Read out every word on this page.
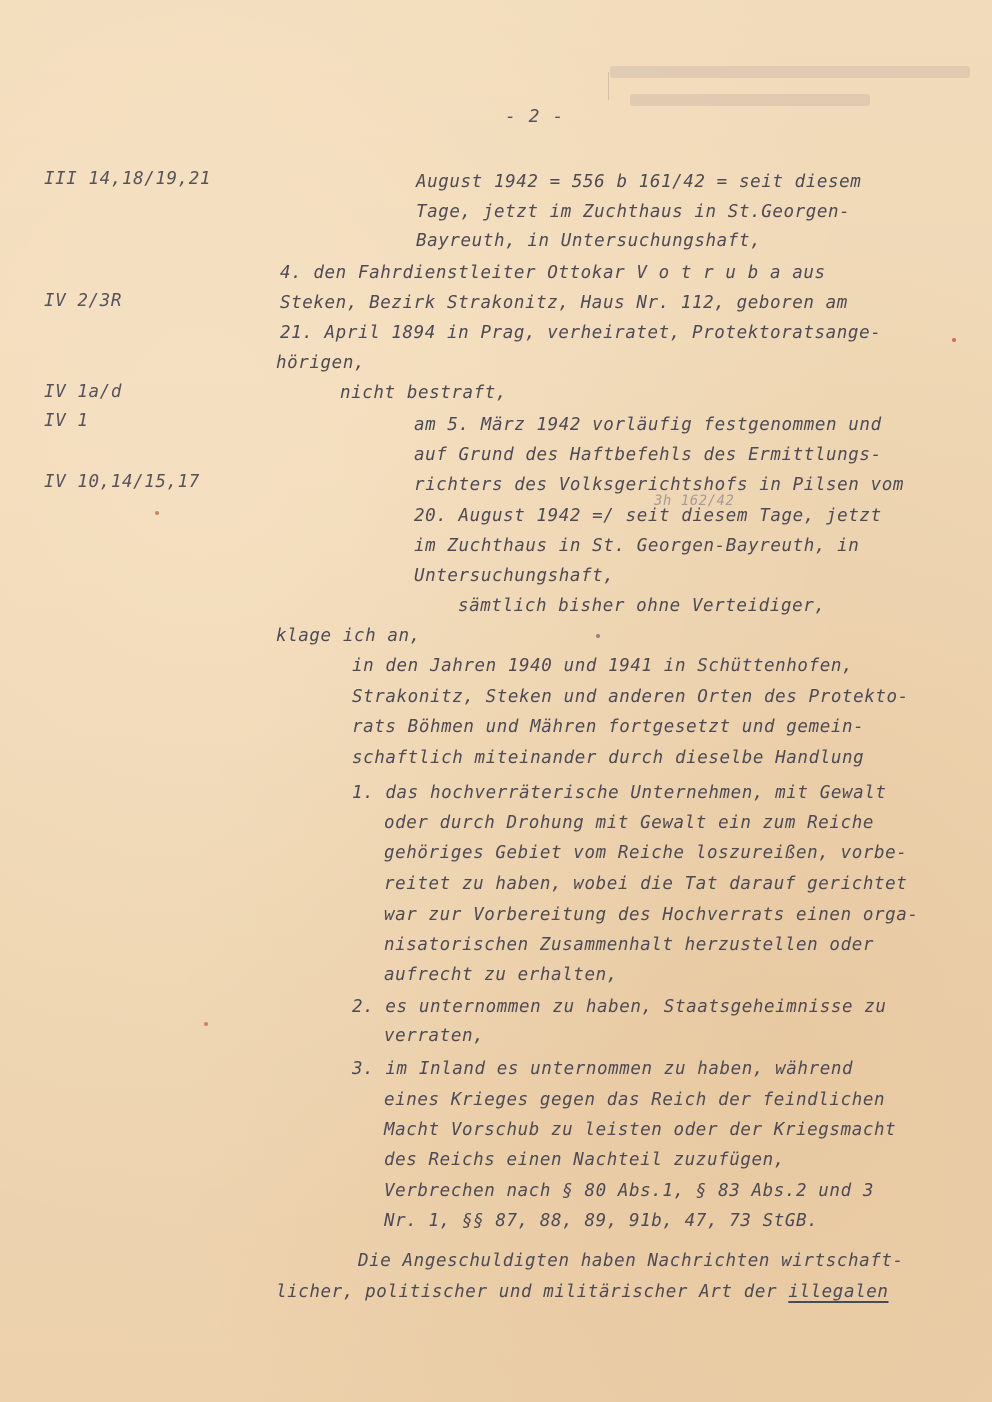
- 2 -
III 14,18/19,21
IV 2/3R
IV 1a/d
IV 1
IV 10,14/15,17
August 1942 = 556 b 161/42 = seit diesem
Tage, jetzt im Zuchthaus in St.Georgen-
Bayreuth, in Untersuchungshaft,
4. den Fahrdienstleiter Ottokar V o t r u b a aus
Steken, Bezirk Strakonitz, Haus Nr. 112, geboren am
21. April 1894 in Prag, verheiratet, Protektoratsange-
hörigen,
nicht bestraft,
am 5. März 1942 vorläufig festgenommen und
auf Grund des Haftbefehls des Ermittlungs-
richters des Volksgerichtshofs in Pilsen vom
3h 162/42
20. August 1942 =/ seit diesem Tage, jetzt
im Zuchthaus in St. Georgen-Bayreuth, in
Untersuchungshaft,
sämtlich bisher ohne Verteidiger,
klage ich an,
in den Jahren 1940 und 1941 in Schüttenhofen,
Strakonitz, Steken und anderen Orten des Protekto-
rats Böhmen und Mähren fortgesetzt und gemein-
schaftlich miteinander durch dieselbe Handlung
1. das hochverräterische Unternehmen, mit Gewalt
oder durch Drohung mit Gewalt ein zum Reiche
gehöriges Gebiet vom Reiche loszureißen, vorbe-
reitet zu haben, wobei die Tat darauf gerichtet
war zur Vorbereitung des Hochverrats einen orga-
nisatorischen Zusammenhalt herzustellen oder
aufrecht zu erhalten,
2. es unternommen zu haben, Staatsgeheimnisse zu
verraten,
3. im Inland es unternommen zu haben, während
eines Krieges gegen das Reich der feindlichen
Macht Vorschub zu leisten oder der Kriegsmacht
des Reichs einen Nachteil zuzufügen,
Verbrechen nach § 80 Abs.1, § 83 Abs.2 und 3
Nr. 1, §§ 87, 88, 89, 91b, 47, 73 StGB.
Die Angeschuldigten haben Nachrichten wirtschaft-
licher, politischer und militärischer Art der illegalen
